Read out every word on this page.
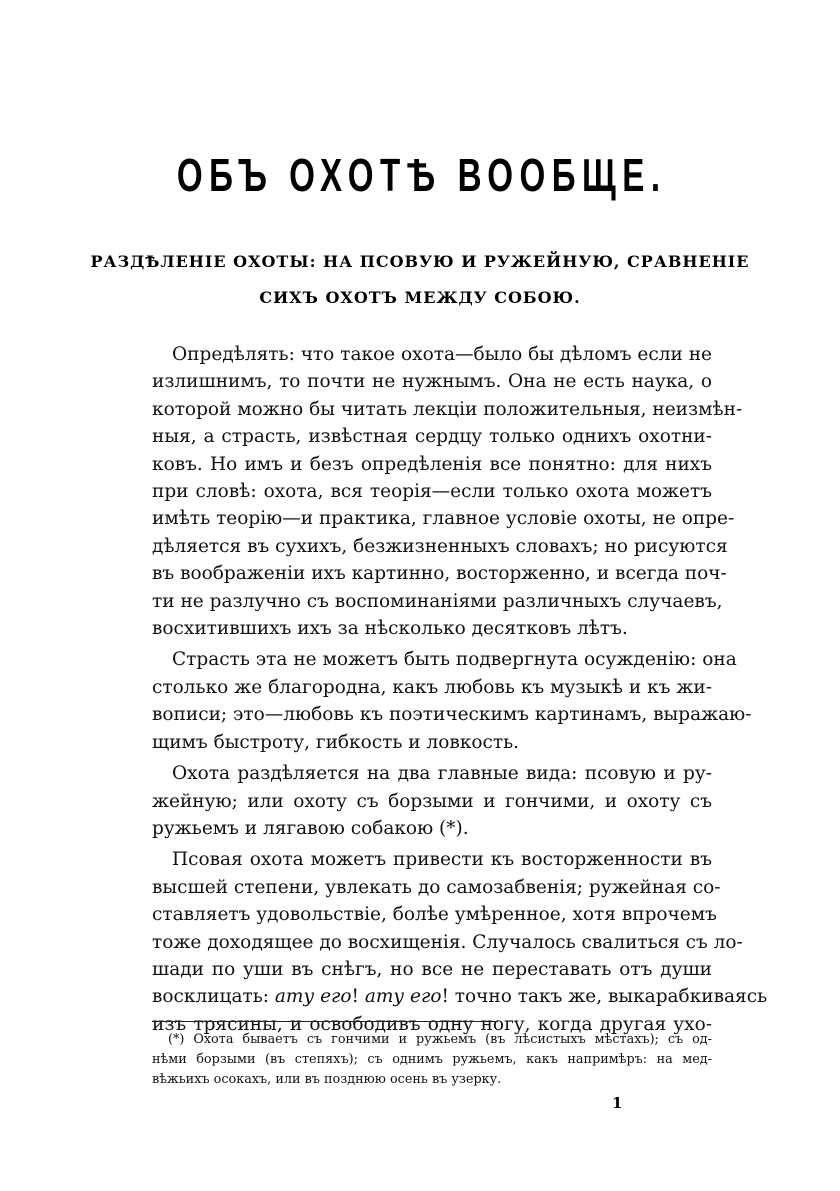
ОБЪ ОХОТѢ ВООБЩЕ.
РАЗДѢЛЕНІЕ ОХОТЫ: НА ПСОВУЮ И РУЖЕЙНУЮ, СРАВНЕНІЕ
СИХЪ ОХОТЪ МЕЖДУ СОБОЮ.
Опредѣлять: что такое охота—было бы дѣломъ если не
излишнимъ, то почти не нужнымъ. Она не есть наука, о
которой можно бы читать лекціи положительныя, неизмѣн-
ныя, а страсть, извѣстная сердцу только однихъ охотни-
ковъ. Но имъ и безъ опредѣленія все понятно: для нихъ
при словѣ: охота, вся теорія—если только охота можетъ
имѣть теорію—и практика, главное условіе охоты, не опре-
дѣляется въ сухихъ, безжизненныхъ словахъ; но рисуются
въ воображеніи ихъ картинно, восторженно, и всегда поч-
ти не разлучно съ воспоминаніями различныхъ случаевъ,
восхитившихъ ихъ за нѣсколько десятковъ лѣтъ.
Страсть эта не можетъ быть подвергнута осужденію: она
столько же благородна, какъ любовь къ музыкѣ и къ жи-
вописи; это—любовь къ поэтическимъ картинамъ, выражаю-
щимъ быстроту, гибкость и ловкость.
Охота раздѣляется на два главные вида: псовую и ру-
жейную; или охоту съ борзыми и гончими, и охоту съ
ружьемъ и лягавою собакою (*).
Псовая охота можетъ привести къ восторженности въ
высшей степени, увлекать до самозабвенія; ружейная со-
ставляетъ удовольствіе, болѣе умѣренное, хотя впрочемъ
тоже доходящее до восхищенія. Случалось свалиться съ ло-
шади по уши въ снѣгъ, но все не переставать отъ души
восклицать: ату его! ату его! точно такъ же, выкарабкиваясь
изъ трясины, и освободивъ одну ногу, когда другая ухо-
(*) Охота бываетъ съ гончими и ружьемъ (въ лѣсистыхъ мѣстахъ); съ од-
нѣми борзыми (въ степяхъ); съ однимъ ружьемъ, какъ напримѣръ: на мед-
вѣжьихъ осокахъ, или въ позднюю осень въ узерку.
1
